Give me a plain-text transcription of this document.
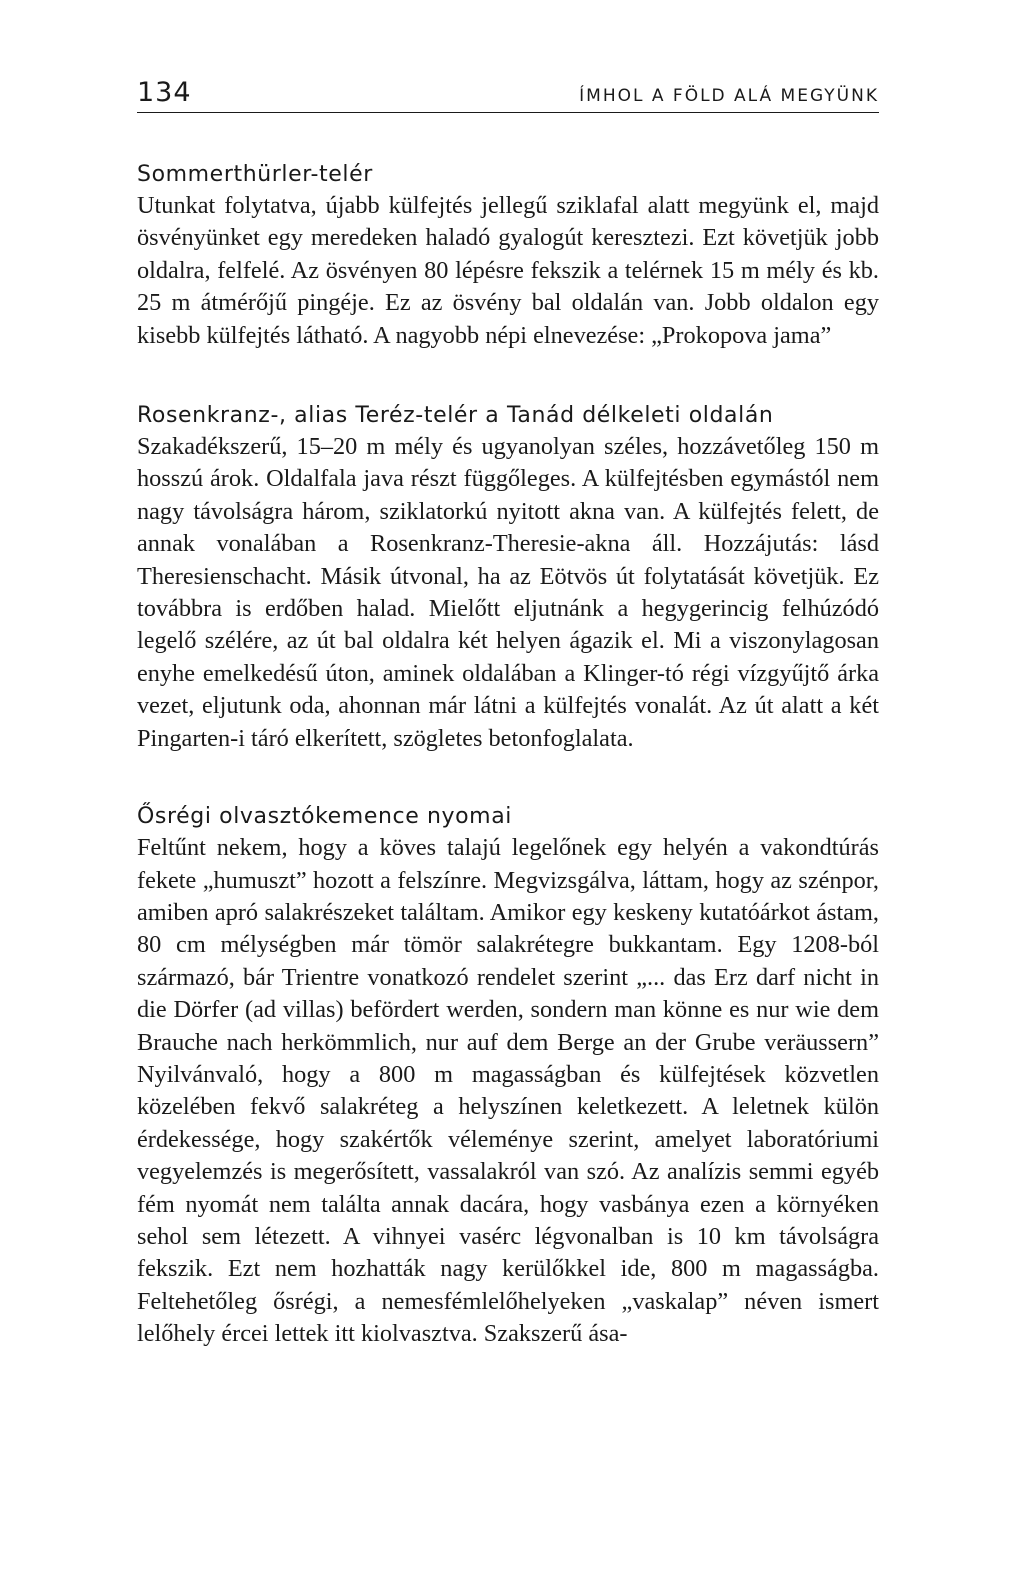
134	ÍMHOL A FÖLD ALÁ MEGYÜNK
Sommerthürler-telér

Utunkat folytatva, újabb külfejtés jellegű sziklafal alatt megyünk el, majd ösvényünket egy meredeken haladó gyalogút keresztezi. Ezt követjük jobb oldalra, felfelé. Az ösvényen 80 lépésre fekszik a telérnek 15 m mély és kb. 25 m átmérőjű pingéje. Ez az ösvény bal oldalán van. Jobb oldalon egy kisebb külfejtés látható. A nagyobb népi elnevezése: „Prokopova jama”

Rosenkranz-, alias Teréz-telér a Tanád délkeleti oldalán

Szakadékszerű, 15–20 m mély és ugyanolyan széles, hozzávetőleg 150 m hosszú árok. Oldalfala java részt függőleges. A külfejtésben egymástól nem nagy távolságra három, sziklatorkú nyitott akna van. A külfejtés felett, de annak vonalában a Rosenkranz-Theresie-akna áll. Hozzájutás: lásd Theresienschacht. Másik útvonal, ha az Eötvös út folytatását követjük. Ez továbbra is erdőben halad. Mielőtt eljutnánk a hegygerincig felhúzódó legelő szélére, az út bal oldalra két helyen ágazik el. Mi a viszonylagosan enyhe emelkedésű úton, aminek oldalában a Klinger-tó régi vízgyűjtő árka vezet, eljutunk oda, ahonnan már látni a külfejtés vonalát. Az út alatt a két Pingarten-i táró elkerített, szögletes betonfoglalata.

Ősrégi olvasztókemence nyomai

Feltűnt nekem, hogy a köves talajú legelőnek egy helyén a vakondtúrás fekete „humuszt” hozott a felszínre. Megvizsgálva, láttam, hogy az szénpor, amiben apró salakrészeket találtam. Amikor egy keskeny kutatóárkot ástam, 80 cm mélységben már tömör salakrétegre bukkantam. Egy 1208-ból származó, bár Trientre vonatkozó rendelet szerint „... das Erz darf nicht in die Dörfer (ad villas) befördert werden, sondern man könne es nur wie dem Brauche nach herkömmlich, nur auf dem Berge an der Grube veräussern” Nyilvánvaló, hogy a 800 m magasságban és külfejtések közvetlen közelében fekvő salakréteg a helyszínen keletkezett. A leletnek külön érdekessége, hogy szakértők véleménye szerint, amelyet laboratóriumi vegyelemzés is megerősített, vassalakról van szó. Az analízis semmi egyéb fém nyomát nem találta annak dacára, hogy vasbánya ezen a környéken sehol sem létezett. A vihnyei vasérc légvonalban is 10 km távolságra fekszik. Ezt nem hozhatták nagy kerülőkkel ide, 800 m magasságba. Feltehetőleg ősrégi, a nemesfémlelőhelyeken „vaskalap” néven ismert lelőhely ércei lettek itt kiolvasztva. Szakszerű ása-
